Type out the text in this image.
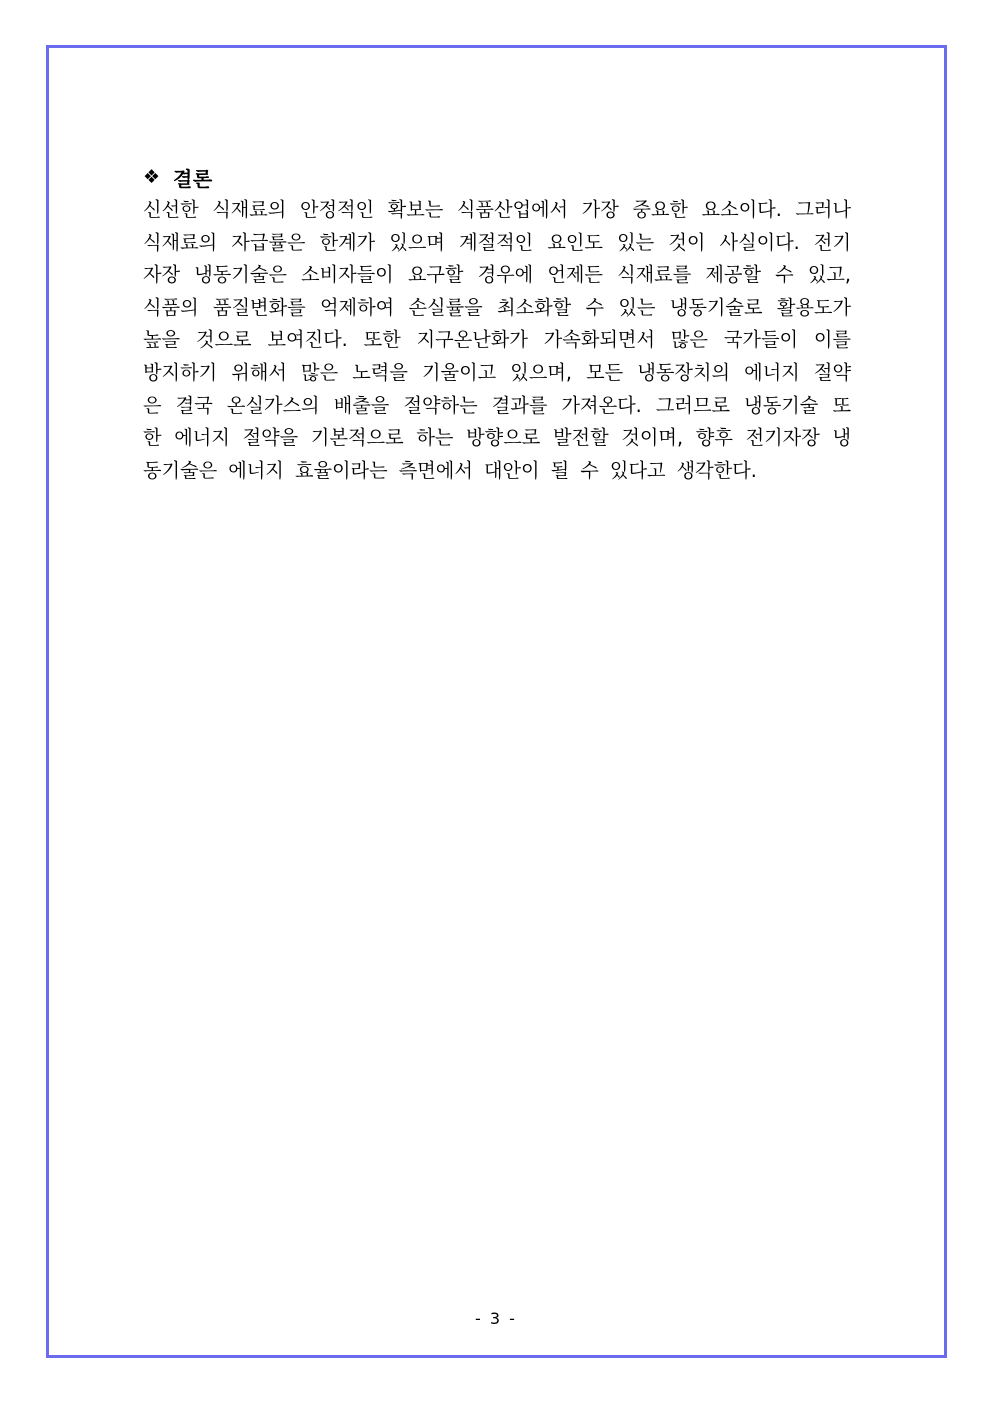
❖ 결론
신선한 식재료의 안정적인 확보는 식품산업에서 가장 중요한 요소이다. 그러나
식재료의 자급률은 한계가 있으며 계절적인 요인도 있는 것이 사실이다. 전기
자장 냉동기술은 소비자들이 요구할 경우에 언제든 식재료를 제공할 수 있고,
식품의 품질변화를 억제하여 손실률을 최소화할 수 있는 냉동기술로 활용도가
높을 것으로 보여진다. 또한 지구온난화가 가속화되면서 많은 국가들이 이를
방지하기 위해서 많은 노력을 기울이고 있으며, 모든 냉동장치의 에너지 절약
은 결국 온실가스의 배출을 절약하는 결과를 가져온다. 그러므로 냉동기술 또
한 에너지 절약을 기본적으로 하는 방향으로 발전할 것이며, 향후 전기자장 냉
동기술은 에너지 효율이라는 측면에서 대안이 될 수 있다고 생각한다.
- 3 -
